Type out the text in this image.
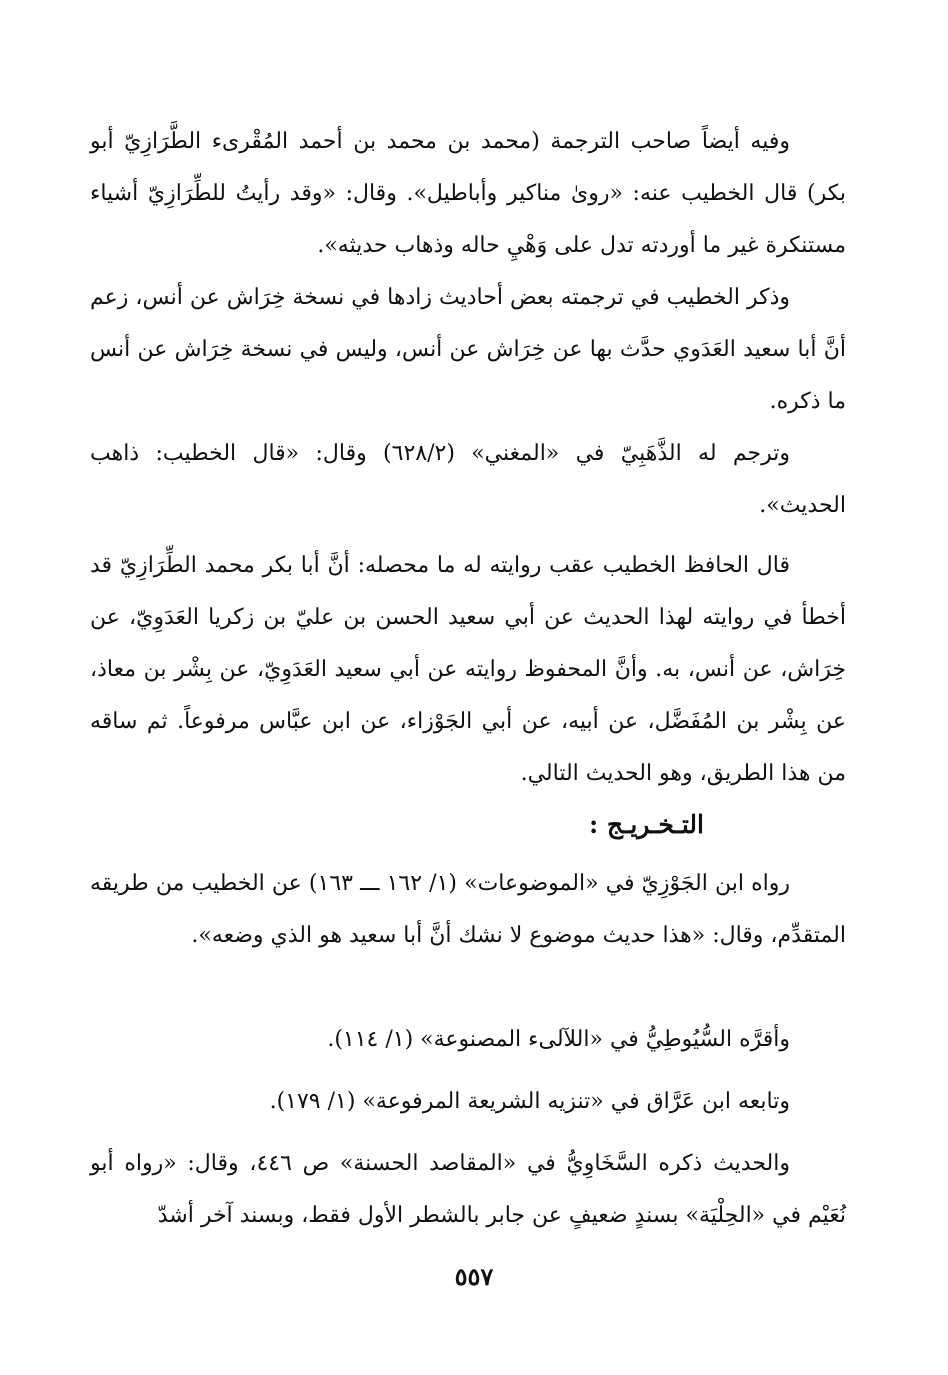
وفيه أيضاً صاحب الترجمة (محمد بن محمد بن أحمد المُقْرىء الطَّرَازِيّ أبو بكر) قال الخطيب عنه: «روىٰ مناكير وأباطيل». وقال: «وقد رأيتُ للطِّرَازِيّ أشياء مستنكرة غير ما أوردته تدل على وَهْيِ حاله وذهاب حديثه».

وذكر الخطيب في ترجمته بعض أحاديث زادها في نسخة خِرَاش عن أنس، زعم أنَّ أبا سعيد العَدَوي حدَّث بها عن خِرَاش عن أنس، وليس في نسخة خِرَاش عن أنس ما ذكره.

وترجم له الذَّهَبِيّ في «المغني» (٦٢٨/٢) وقال: «قال الخطيب: ذاهب الحديث».

قال الحافظ الخطيب عقب روايته له ما محصله: أنَّ أبا بكر محمد الطِّرَازِيّ قد أخطأ في روايته لهذا الحديث عن أبي سعيد الحسن بن عليّ بن زكريا العَدَوِيّ، عن خِرَاش، عن أنس، به. وأنَّ المحفوظ روايته عن أبي سعيد العَدَوِيّ، عن بِشْر بن معاذ، عن بِشْر بن المُفَضَّل، عن أبيه، عن أبي الجَوْزاء، عن ابن عبَّاس مرفوعاً. ثم ساقه من هذا الطريق، وهو الحديث التالي.

التـخـريـج :

رواه ابن الجَوْزِيّ في «الموضوعات» (١/ ١٦٢ ـــ ١٦٣) عن الخطيب من طريقه المتقدِّم، وقال: «هذا حديث موضوع لا نشك أنَّ أبا سعيد هو الذي وضعه».

وأقرَّه السُّيُوطِيُّ في «اللآلىء المصنوعة» (١/ ١١٤).

وتابعه ابن عَرَّاق في «تنزيه الشريعة المرفوعة» (١/ ١٧٩).

والحديث ذكره السَّخَاوِيُّ في «المقاصد الحسنة» ص ٤٤٦، وقال: «رواه أبو نُعَيْم في «الحِلْيَة» بسندٍ ضعيفٍ عن جابر بالشطر الأول فقط، وبسند آخر أشدّ

٥٥٧
